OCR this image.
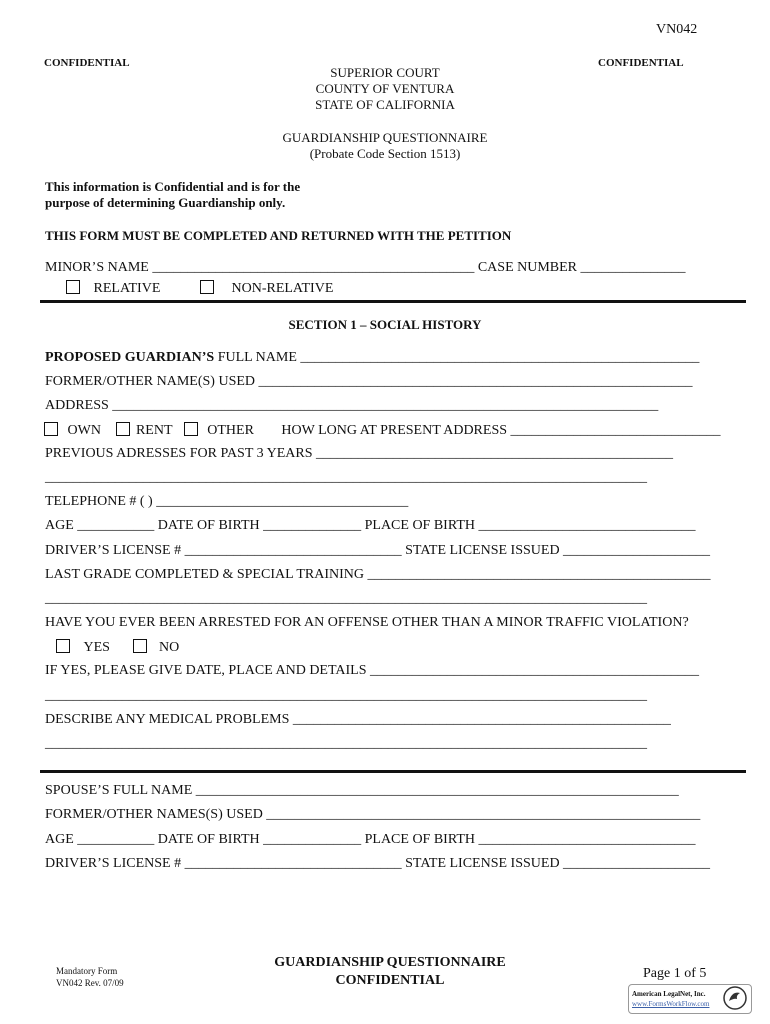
VN042
CONFIDENTIAL	CONFIDENTIAL
SUPERIOR COURT
COUNTY OF VENTURA
STATE OF CALIFORNIA
GUARDIANSHIP QUESTIONNAIRE
(Probate Code Section 1513)
This information is Confidential and is for the
purpose of determining Guardianship only.
THIS FORM MUST BE COMPLETED AND RETURNED WITH THE PETITION
MINOR’S NAME ______________________________________________ CASE NUMBER _______________
RELATIVE	NON-RELATIVE
SECTION 1 – SOCIAL HISTORY
PROPOSED GUARDIAN’S FULL NAME _________________________________________________________
FORMER/OTHER NAME(S) USED ______________________________________________________________
ADDRESS ______________________________________________________________________________
OWN	RENT	OTHER HOW LONG AT PRESENT ADDRESS ______________________________
PREVIOUS ADRESSES FOR PAST 3 YEARS ___________________________________________________
______________________________________________________________________________________
TELEPHONE # ( ) ____________________________________
AGE ___________ DATE OF BIRTH ______________ PLACE OF BIRTH _______________________________
DRIVER’S LICENSE # _______________________________ STATE LICENSE ISSUED _____________________
LAST GRADE COMPLETED & SPECIAL TRAINING _________________________________________________
______________________________________________________________________________________
HAVE YOU EVER BEEN ARRESTED FOR AN OFFENSE OTHER THAN A MINOR TRAFFIC VIOLATION?
YES	NO
IF YES, PLEASE GIVE DATE, PLACE AND DETAILS _______________________________________________
______________________________________________________________________________________
DESCRIBE ANY MEDICAL PROBLEMS ______________________________________________________
______________________________________________________________________________________
SPOUSE’S FULL NAME _____________________________________________________________________
FORMER/OTHER NAMES(S) USED ______________________________________________________________
AGE ___________ DATE OF BIRTH ______________ PLACE OF BIRTH _______________________________
DRIVER’S LICENSE # _______________________________ STATE LICENSE ISSUED _____________________
Mandatory Form
VN042 Rev. 07/09
GUARDIANSHIP QUESTIONNAIRE
CONFIDENTIAL	Page 1 of 5
American LegalNet, Inc.
www.FormsWorkFlow.com
